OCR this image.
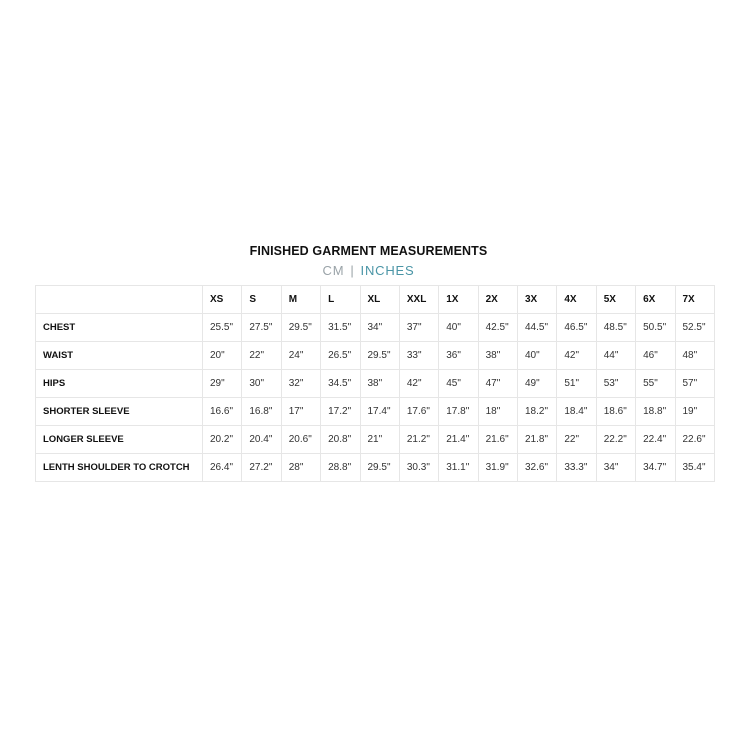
FINISHED GARMENT MEASUREMENTS
CM | INCHES
	XS	S	M	L	XL	XXL	1X	2X	3X	4X	5X	6X	7X
CHEST	25.5"	27.5"	29.5"	31.5"	34"	37"	40"	42.5"	44.5"	46.5"	48.5"	50.5"	52.5"
WAIST	20"	22"	24"	26.5"	29.5"	33"	36"	38"	40"	42"	44"	46"	48"
HIPS	29"	30"	32"	34.5"	38"	42"	45"	47"	49"	51"	53"	55"	57"
SHORTER SLEEVE	16.6"	16.8"	17"	17.2"	17.4"	17.6"	17.8"	18"	18.2"	18.4"	18.6"	18.8"	19"
LONGER SLEEVE	20.2"	20.4"	20.6"	20.8"	21"	21.2"	21.4"	21.6"	21.8"	22"	22.2"	22.4"	22.6"
LENTH SHOULDER TO CROTCH	26.4"	27.2"	28"	28.8"	29.5"	30.3"	31.1"	31.9"	32.6"	33.3"	34"	34.7"	35.4"
